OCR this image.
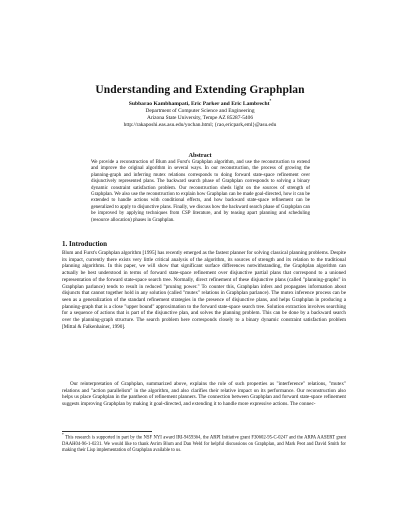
Understanding and Extending Graphplan
Subbarao Kambhampati, Eric Parker and Eric Lambrecht*
Department of Computer Science and Engineering
Arizona State University, Tempe AZ 85287-5406
http://rakaposhi.eas.asu.edu/yochan.html; {rao,ericpark,eml}@asu.edu
Abstract

We provide a reconstruction of Blum and Furst's Graphplan algorithm, and use the reconstruction to extend and improve the original algorithm in several ways. In our reconstruction, the process of growing the planning-graph and inferring mutex relations corresponds to doing forward state-space refinement over disjunctively represented plans. The backward search phase of Graphplan corresponds to solving a binary dynamic constraint satisfaction problem. Our reconstruction sheds light on the sources of strength of Graphplan. We also use the reconstruction to explain how Graphplan can be made goal-directed, how it can be extended to handle actions with conditional effects, and how backward state-space refinement can be generalized to apply to disjunctive plans. Finally, we discuss how the backward search phase of Graphplan can be improved by applying techniques from CSP literature, and by teasing apart planning and scheduling (resource allocation) phases in Graphplan.

1. Introduction

Blum and Furst's Graphplan algorithm [1995] has recently emerged as the fastest planner for solving classical planning problems. Despite its impact, currently there exists very little critical analysis of the algorithm, its sources of strength and its relation to the traditional planning algorithms. In this paper, we will show that significant surface differences notwithstanding, the Graphplan algorithm can actually be best understood in terms of forward state-space refinement over disjunctive partial plans that correspond to a unioned representation of the forward state-space search tree. Normally, direct refinement of these disjunctive plans (called "planning-graphs" in Graphplan parlance) tends to result in reduced "pruning power." To counter this, Graphplan infers and propagates information about disjuncts that cannot together hold in any solution (called "mutex" relations in Graphplan parlance). The mutex inference process can be seen as a generalization of the standard refinement strategies in the presence of disjunctive plans, and helps Graphplan in producing a planning-graph that is a close "upper bound" approximation to the forward state-space search tree. Solution extraction involves searching for a sequence of actions that is part of the disjunctive plan, and solves the planning problem. This can be done by a backward search over the planning-graph structure. The search problem here corresponds closely to a binary dynamic constraint satisfaction problem [Mittal & Falkenhainer, 1990].

Our reinterpretation of Graphplan, summarized above, explains the role of such properties as "interference" relations, "mutex" relations and "action parallelism" in the algorithm, and also clarifies their relative impact on its performance. Our reconstruction also helps us place Graphplan in the pantheon of refinement planners. The connection between Graphplan and forward state-space refinement suggests improving Graphplan by making it goal-directed, and extending it to handle more expressive actions. The connec-

* This research is supported in part by the NSF NYI award IRI-9459364, the ARPI Initiative grant F30602-95-C-0247 and the ARPA AASERT grant DAAH04-96-1-0231. We would like to thank Avrim Blum and Dan Weld for helpful discussions on Graphplan, and Mark Peot and David Smith for making their Lisp implementation of Graphplan available to us.
